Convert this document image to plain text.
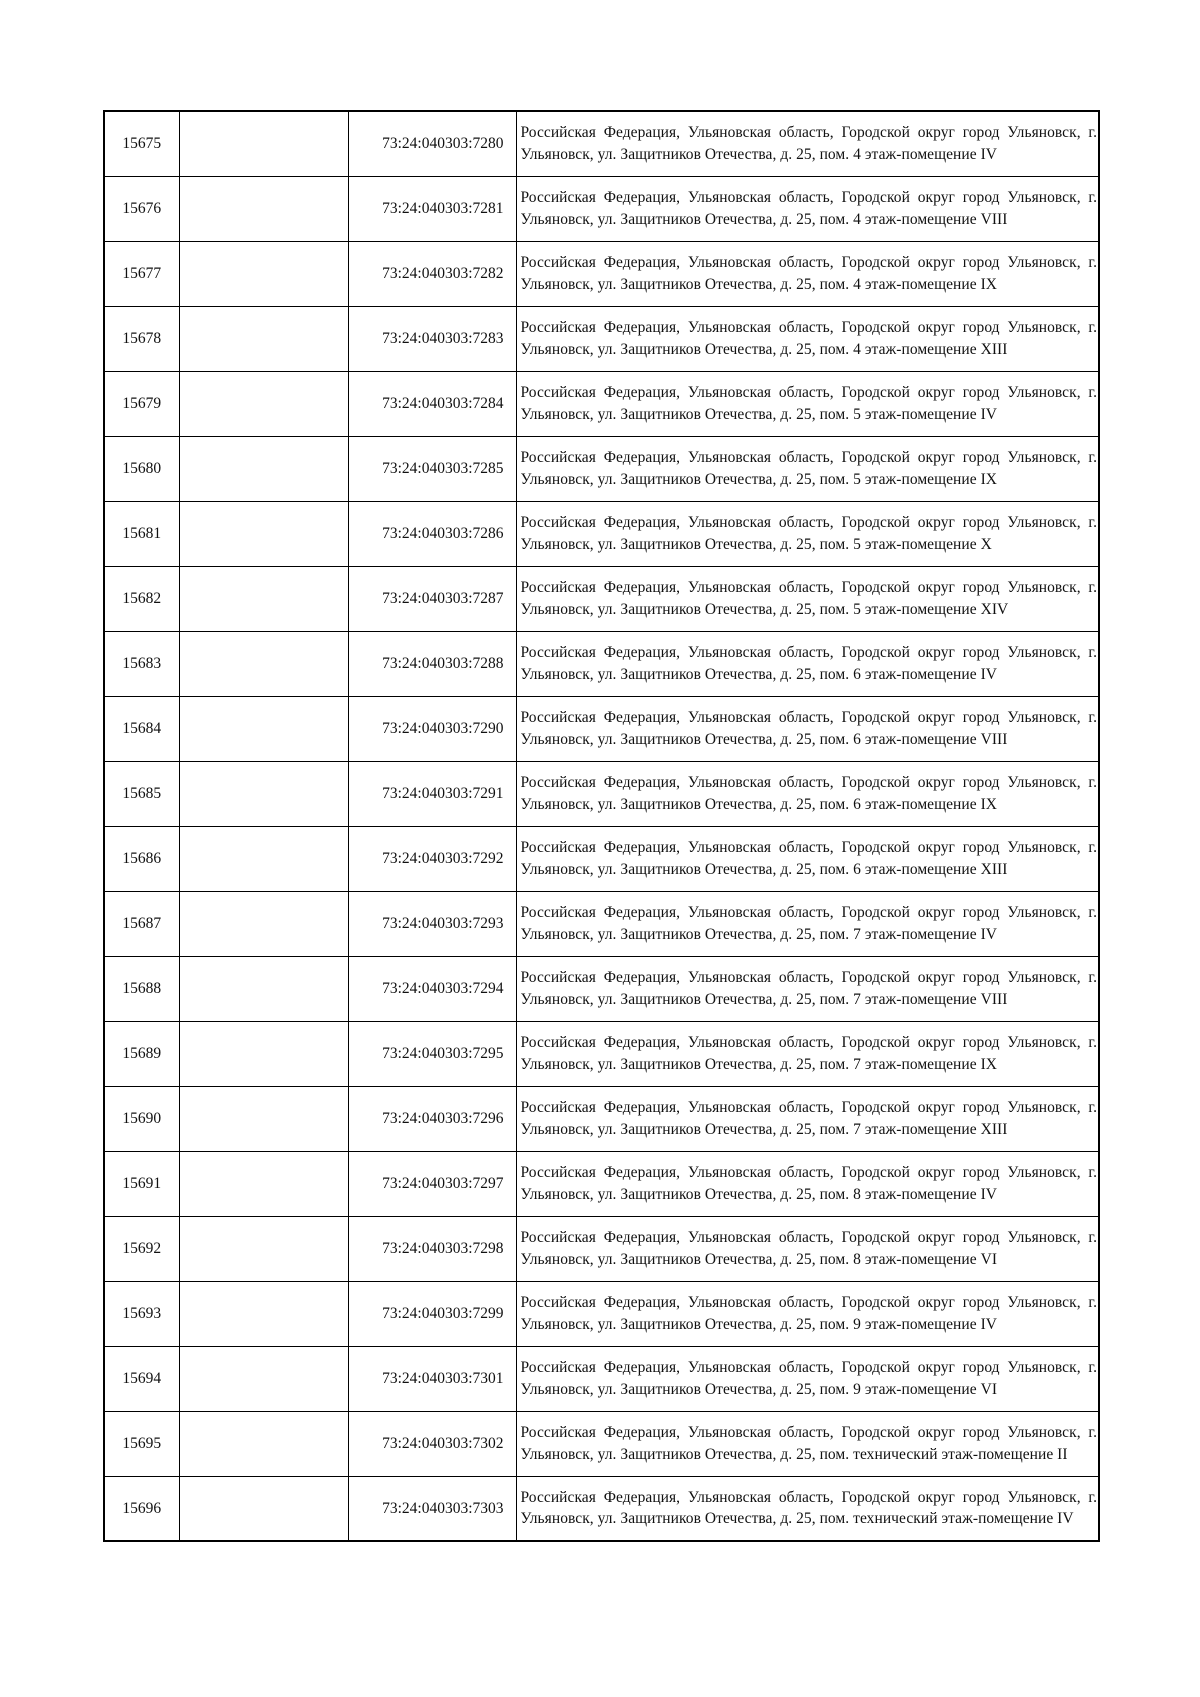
15675		73:24:040303:7280	Российская Федерация, Ульяновская область, Городской округ город Ульяновск, г. Ульяновск, ул. Защитников Отечества, д. 25, пом. 4 этаж-помещение IV
15676		73:24:040303:7281	Российская Федерация, Ульяновская область, Городской округ город Ульяновск, г. Ульяновск, ул. Защитников Отечества, д. 25, пом. 4 этаж-помещение VIII
15677		73:24:040303:7282	Российская Федерация, Ульяновская область, Городской округ город Ульяновск, г. Ульяновск, ул. Защитников Отечества, д. 25, пом. 4 этаж-помещение IX
15678		73:24:040303:7283	Российская Федерация, Ульяновская область, Городской округ город Ульяновск, г. Ульяновск, ул. Защитников Отечества, д. 25, пом. 4 этаж-помещение XIII
15679		73:24:040303:7284	Российская Федерация, Ульяновская область, Городской округ город Ульяновск, г. Ульяновск, ул. Защитников Отечества, д. 25, пом. 5 этаж-помещение IV
15680		73:24:040303:7285	Российская Федерация, Ульяновская область, Городской округ город Ульяновск, г. Ульяновск, ул. Защитников Отечества, д. 25, пом. 5 этаж-помещение IX
15681		73:24:040303:7286	Российская Федерация, Ульяновская область, Городской округ город Ульяновск, г. Ульяновск, ул. Защитников Отечества, д. 25, пом. 5 этаж-помещение X
15682		73:24:040303:7287	Российская Федерация, Ульяновская область, Городской округ город Ульяновск, г. Ульяновск, ул. Защитников Отечества, д. 25, пом. 5 этаж-помещение XIV
15683		73:24:040303:7288	Российская Федерация, Ульяновская область, Городской округ город Ульяновск, г. Ульяновск, ул. Защитников Отечества, д. 25, пом. 6 этаж-помещение IV
15684		73:24:040303:7290	Российская Федерация, Ульяновская область, Городской округ город Ульяновск, г. Ульяновск, ул. Защитников Отечества, д. 25, пом. 6 этаж-помещение VIII
15685		73:24:040303:7291	Российская Федерация, Ульяновская область, Городской округ город Ульяновск, г. Ульяновск, ул. Защитников Отечества, д. 25, пом. 6 этаж-помещение IX
15686		73:24:040303:7292	Российская Федерация, Ульяновская область, Городской округ город Ульяновск, г. Ульяновск, ул. Защитников Отечества, д. 25, пом. 6 этаж-помещение XIII
15687		73:24:040303:7293	Российская Федерация, Ульяновская область, Городской округ город Ульяновск, г. Ульяновск, ул. Защитников Отечества, д. 25, пом. 7 этаж-помещение IV
15688		73:24:040303:7294	Российская Федерация, Ульяновская область, Городской округ город Ульяновск, г. Ульяновск, ул. Защитников Отечества, д. 25, пом. 7 этаж-помещение VIII
15689		73:24:040303:7295	Российская Федерация, Ульяновская область, Городской округ город Ульяновск, г. Ульяновск, ул. Защитников Отечества, д. 25, пом. 7 этаж-помещение IX
15690		73:24:040303:7296	Российская Федерация, Ульяновская область, Городской округ город Ульяновск, г. Ульяновск, ул. Защитников Отечества, д. 25, пом. 7 этаж-помещение XIII
15691		73:24:040303:7297	Российская Федерация, Ульяновская область, Городской округ город Ульяновск, г. Ульяновск, ул. Защитников Отечества, д. 25, пом. 8 этаж-помещение IV
15692		73:24:040303:7298	Российская Федерация, Ульяновская область, Городской округ город Ульяновск, г. Ульяновск, ул. Защитников Отечества, д. 25, пом. 8 этаж-помещение VI
15693		73:24:040303:7299	Российская Федерация, Ульяновская область, Городской округ город Ульяновск, г. Ульяновск, ул. Защитников Отечества, д. 25, пом. 9 этаж-помещение IV
15694		73:24:040303:7301	Российская Федерация, Ульяновская область, Городской округ город Ульяновск, г. Ульяновск, ул. Защитников Отечества, д. 25, пом. 9 этаж-помещение VI
15695		73:24:040303:7302	Российская Федерация, Ульяновская область, Городской округ город Ульяновск, г. Ульяновск, ул. Защитников Отечества, д. 25, пом. технический этаж-помещение II
15696		73:24:040303:7303	Российская Федерация, Ульяновская область, Городской округ город Ульяновск, г. Ульяновск, ул. Защитников Отечества, д. 25, пом. технический этаж-помещение IV
